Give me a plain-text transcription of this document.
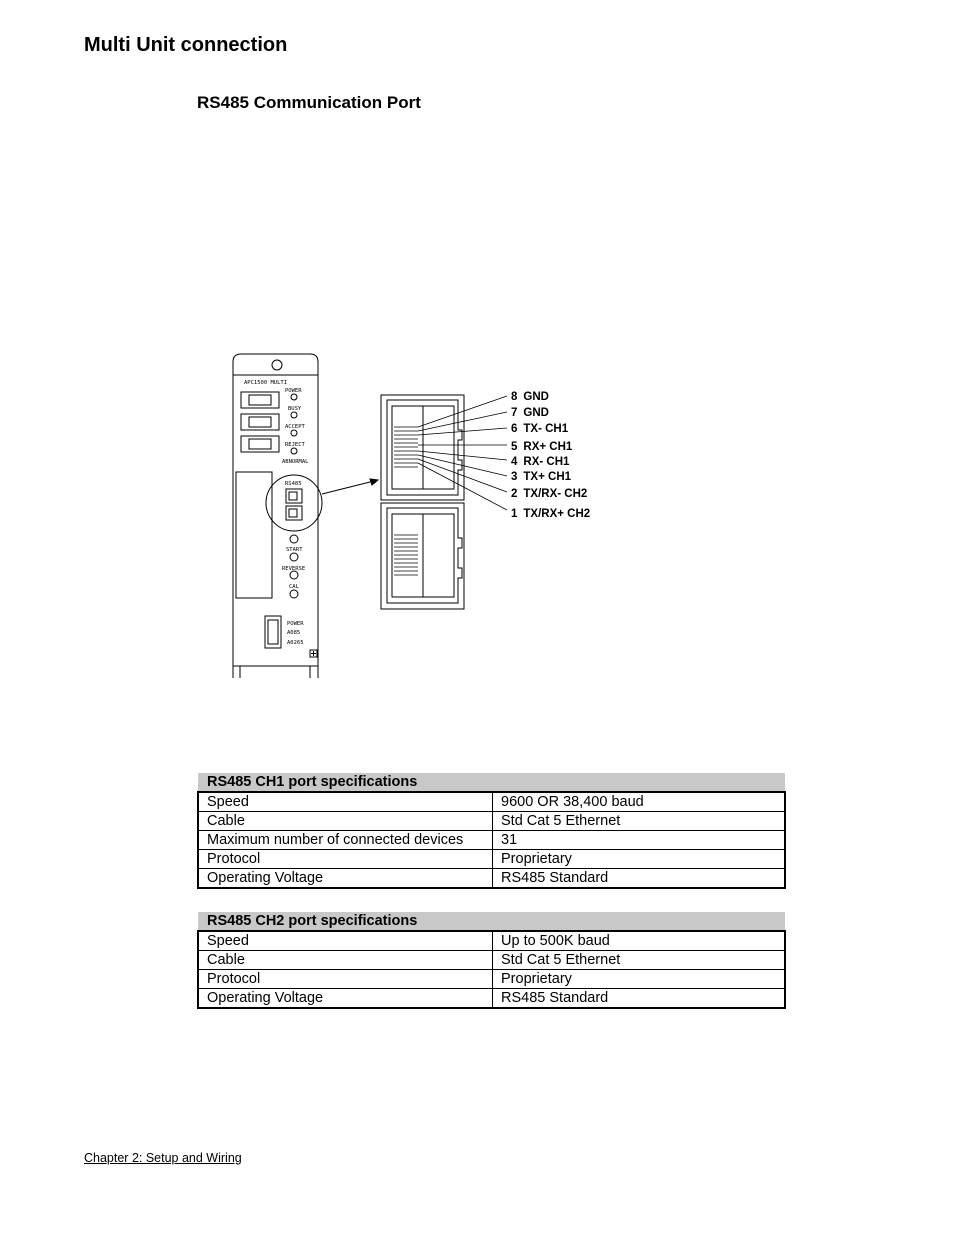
Multi Unit connection
RS485 Communication Port
APC1500 MULTI
POWER
BUSY
ACCEPT
REJECT
ABNORMAL
RS485
START
REVERSE
CAL
POWER
A085
A0265
8 GND
7 GND
6 TX- CH1
5 RX+ CH1
4 RX- CH1
3 TX+ CH1
2 TX/RX- CH2
1 TX/RX+ CH2
RS485 CH1 port specifications	
Speed	9600 OR 38,400 baud
Cable	Std Cat 5 Ethernet
Maximum number of connected devices	31
Protocol	Proprietary
Operating Voltage	RS485 Standard
RS485 CH2 port specifications	
Speed	Up to 500K baud
Cable	Std Cat 5 Ethernet
Protocol	Proprietary
Operating Voltage	RS485 Standard
Chapter 2: Setup and Wiring
